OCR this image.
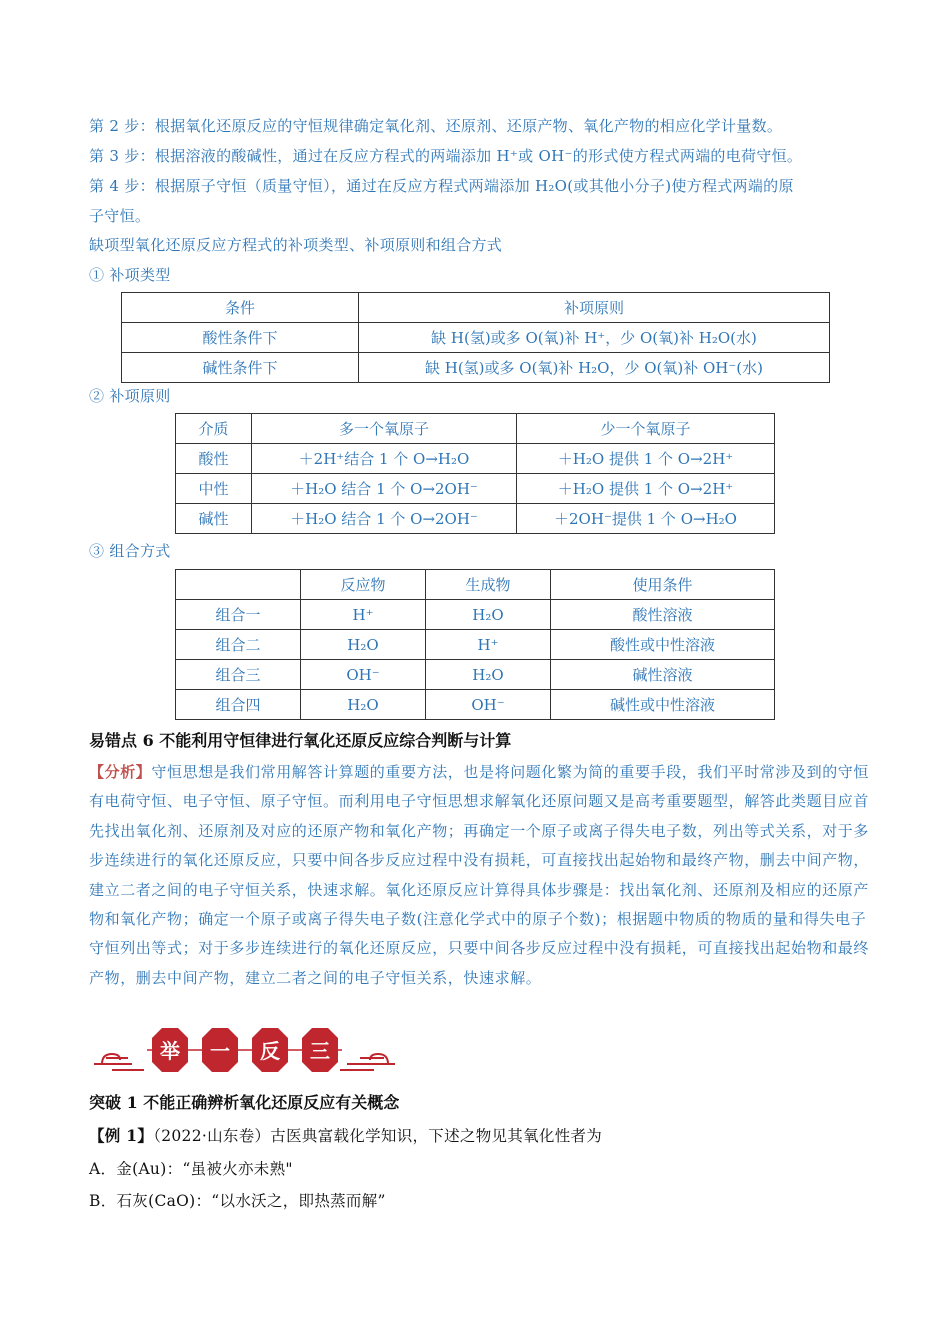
第 2 步：根据氧化还原反应的守恒规律确定氧化剂、还原剂、还原产物、氧化产物的相应化学计量数。
第 3 步：根据溶液的酸碱性，通过在反应方程式的两端添加 H⁺或 OH⁻的形式使方程式两端的电荷守恒。
第 4 步：根据原子守恒（质量守恒），通过在反应方程式两端添加 H₂O(或其他小分子)使方程式两端的原
子守恒。
缺项型氧化还原反应方程式的补项类型、补项原则和组合方式
① 补项类型
条件	补项原则
酸性条件下	缺 H(氢)或多 O(氧)补 H⁺，少 O(氧)补 H₂O(水)
碱性条件下	缺 H(氢)或多 O(氧)补 H₂O，少 O(氧)补 OH⁻(水)
② 补项原则
介质	多一个氧原子	少一个氧原子
酸性	＋2H⁺结合 1 个 O→H₂O	＋H₂O 提供 1 个 O→2H⁺
中性	＋H₂O 结合 1 个 O→2OH⁻	＋H₂O 提供 1 个 O→2H⁺
碱性	＋H₂O 结合 1 个 O→2OH⁻	＋2OH⁻提供 1 个 O→H₂O
③ 组合方式
	反应物	生成物	使用条件
组合一	H⁺	H₂O	酸性溶液
组合二	H₂O	H⁺	酸性或中性溶液
组合三	OH⁻	H₂O	碱性溶液
组合四	H₂O	OH⁻	碱性或中性溶液
易错点 6 不能利用守恒律进行氧化还原反应综合判断与计算
【分析】守恒思想是我们常用解答计算题的重要方法，也是将问题化繁为简的重要手段，我们平时常涉及到的守恒有电荷守恒、电子守恒、原子守恒。而利用电子守恒思想求解氧化还原问题又是高考重要题型，解答此类题目应首先找出氧化剂、还原剂及对应的还原产物和氧化产物；再确定一个原子或离子得失电子数，列出等式关系，对于多步连续进行的氧化还原反应，只要中间各步反应过程中没有损耗，可直接找出起始物和最终产物，删去中间产物，建立二者之间的电子守恒关系，快速求解。氧化还原反应计算得具体步骤是：找出氧化剂、还原剂及相应的还原产物和氧化产物；确定一个原子或离子得失电子数(注意化学式中的原子个数)；根据题中物质的物质的量和得失电子守恒列出等式；对于多步连续进行的氧化还原反应，只要中间各步反应过程中没有损耗，可直接找出起始物和最终产物，删去中间产物，建立二者之间的电子守恒关系，快速求解。
举 一 反 三
突破 1 不能正确辨析氧化还原反应有关概念
【例 1】（2022·山东卷）古医典富载化学知识，下述之物见其氧化性者为
A．金(Au)：“虽被火亦未熟"
B．石灰(CaO)：“以水沃之，即热蒸而解”
